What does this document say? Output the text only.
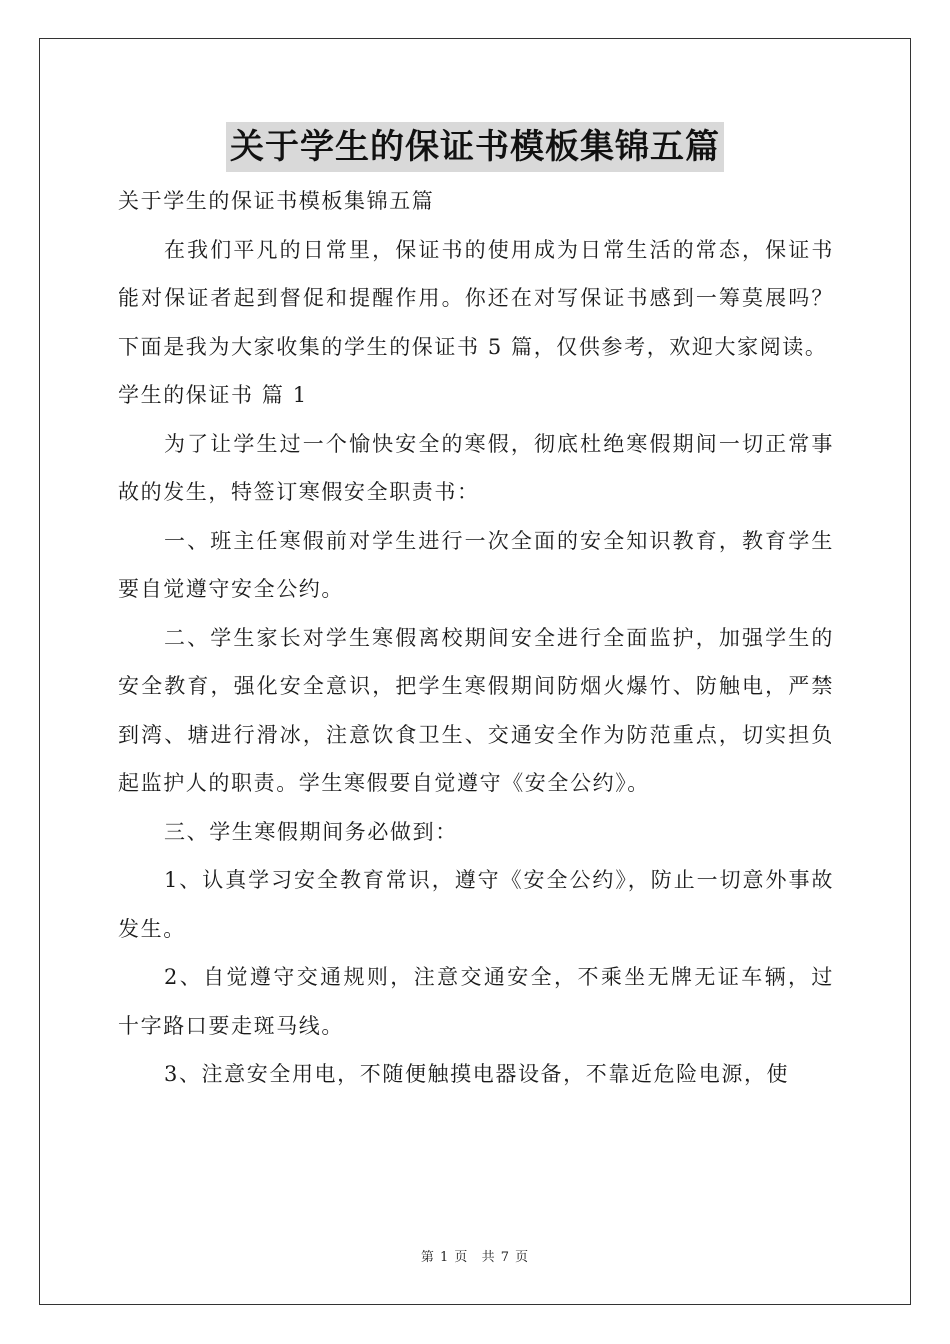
关于学生的保证书模板集锦五篇

关于学生的保证书模板集锦五篇

在我们平凡的日常里，保证书的使用成为日常生活的常态，保证书能对保证者起到督促和提醒作用。你还在对写保证书感到一筹莫展吗？下面是我为大家收集的学生的保证书 5 篇，仅供参考，欢迎大家阅读。

学生的保证书 篇 1

为了让学生过一个愉快安全的寒假，彻底杜绝寒假期间一切正常事故的发生，特签订寒假安全职责书：

一、班主任寒假前对学生进行一次全面的安全知识教育，教育学生要自觉遵守安全公约。

二、学生家长对学生寒假离校期间安全进行全面监护，加强学生的安全教育，强化安全意识，把学生寒假期间防烟火爆竹、防触电，严禁到湾、塘进行滑冰，注意饮食卫生、交通安全作为防范重点，切实担负起监护人的职责。学生寒假要自觉遵守《安全公约》。

三、学生寒假期间务必做到：

1、认真学习安全教育常识，遵守《安全公约》，防止一切意外事故发生。

2、自觉遵守交通规则，注意交通安全，不乘坐无牌无证车辆，过十字路口要走斑马线。

3、注意安全用电，不随便触摸电器设备，不靠近危险电源，使

第 1 页 共 7 页
